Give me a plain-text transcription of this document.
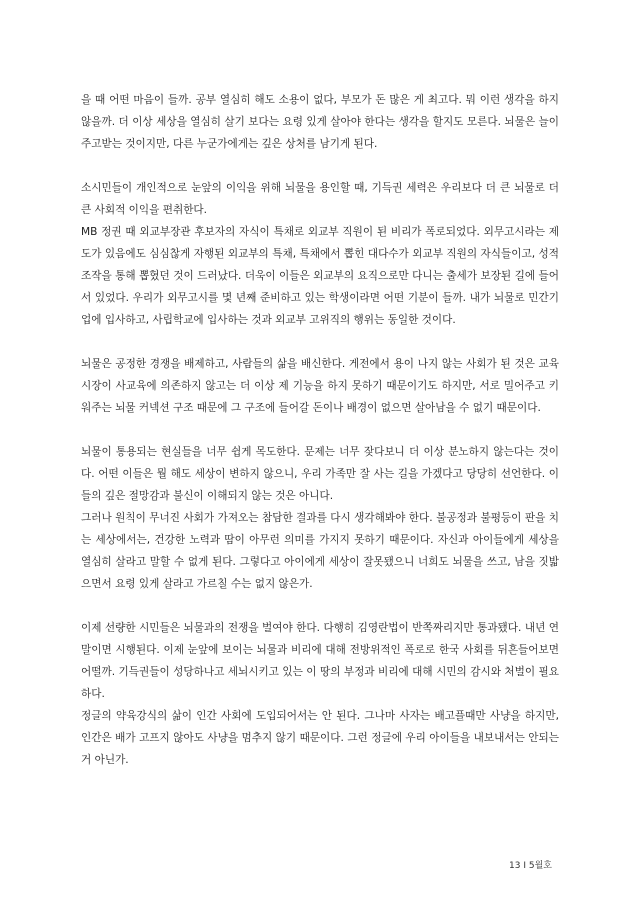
을 때 어떤 마음이 들까. 공부 열심히 해도 소용이 없다, 부모가 돈 많은 게 최고다. 뭐 이런 생각을 하지 않을까. 더 이상 세상을 열심히 살기 보다는 요령 있게 살아야 한다는 생각을 할지도 모른다. 뇌물은 늘이 주고받는 것이지만, 다른 누군가에게는 깊은 상처를 남기게 된다.

소시민들이 개인적으로 눈앞의 이익을 위해 뇌물을 용인할 때, 기득권 세력은 우리보다 더 큰 뇌물로 더 큰 사회적 이익을 편취한다.

MB 정권 때 외교부장관 후보자의 자식이 특채로 외교부 직원이 된 비리가 폭로되었다. 외무고시라는 제도가 있음에도 심심찮게 자행된 외교부의 특채, 특채에서 뽑힌 대다수가 외교부 직원의 자식들이고, 성적 조작을 통해 뽑혔던 것이 드러났다. 더욱이 이들은 외교부의 요직으로만 다니는 출세가 보장된 길에 들어서 있었다. 우리가 외무고시를 몇 년째 준비하고 있는 학생이라면 어떤 기분이 들까. 내가 뇌물로 민간기업에 입사하고, 사립학교에 입사하는 것과 외교부 고위직의 행위는 동일한 것이다.

뇌물은 공정한 경쟁을 배제하고, 사람들의 삶을 배신한다. 게전에서 용이 나지 않는 사회가 된 것은 교육시장이 사교육에 의존하지 않고는 더 이상 제 기능을 하지 못하기 때문이기도 하지만, 서로 밀어주고 키워주는 뇌물 커넥션 구조 때문에 그 구조에 들어갈 돈이나 배경이 없으면 살아남을 수 없기 때문이다.

뇌물이 통용되는 현실들을 너무 쉽게 목도한다. 문제는 너무 잦다보니 더 이상 분노하지 않는다는 것이다. 어떤 이들은 뭘 해도 세상이 변하지 않으니, 우리 가족만 잘 사는 길을 가겠다고 당당히 선언한다. 이들의 깊은 절망감과 불신이 이해되지 않는 것은 아니다.

그러나 원칙이 무너진 사회가 가져오는 참담한 결과를 다시 생각해봐야 한다. 불공정과 불평등이 판을 치는 세상에서는, 건강한 노력과 땀이 아무런 의미를 가지지 못하기 때문이다. 자신과 아이들에게 세상을 열심히 살라고 말할 수 없게 된다. 그렇다고 아이에게 세상이 잘못됐으니 너희도 뇌물을 쓰고, 남을 짓밟으면서 요령 있게 살라고 가르칠 수는 없지 않은가.

이제 선량한 시민들은 뇌물과의 전쟁을 벌여야 한다. 다행히 김영란법이 반쪽짜리지만 통과됐다. 내년 연말이면 시행된다. 이제 눈앞에 보이는 뇌물과 비리에 대해 전방위적인 폭로로 한국 사회를 뒤흔들어보면 어떨까. 기득권들이 성당하나고 세뇌시키고 있는 이 땅의 부정과 비리에 대해 시민의 감시와 처벌이 필요하다.

정글의 약육강식의 삶이 인간 사회에 도입되어서는 안 된다. 그나마 사자는 배고플때만 사냥을 하지만, 인간은 배가 고프지 않아도 사냥을 멈추지 않기 때문이다. 그런 정글에 우리 아이들을 내보내서는 안되는 거 아닌가.

13 I 5월호
